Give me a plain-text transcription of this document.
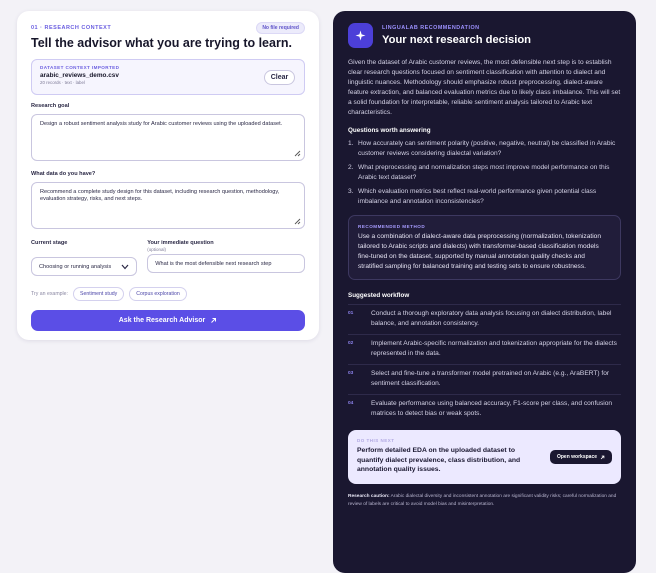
01 · RESEARCH CONTEXT	No file required
Tell the advisor what you are trying to learn.
DATASET CONTEXT IMPORTED
arabic_reviews_demo.csv
20 records · text · label
Clear
Research goal
Design a robust sentiment analysis study for Arabic customer reviews using the uploaded dataset.
What data do you have?
Recommend a complete study design for this dataset, including research question, methodology, evaluation strategy, risks, and next steps.
Current stage
Choosing or running analysis
Your immediate question
(optional)
What is the most defensible next research step
Try an example:	Sentiment study	Corpus exploration
Ask the Research Advisor
LINGUALAB RECOMMENDATION
Your next research decision
Given the dataset of Arabic customer reviews, the most defensible next step is to establish clear research questions focused on sentiment classification with attention to dialect and linguistic nuances. Methodology should emphasize robust preprocessing, dialect-aware feature extraction, and balanced evaluation metrics due to likely class imbalance. This will set a solid foundation for interpretable, reliable sentiment analysis tailored to Arabic text characteristics.
Questions worth answering
1. How accurately can sentiment polarity (positive, negative, neutral) be classified in Arabic customer reviews considering dialectal variation?
2. What preprocessing and normalization steps most improve model performance on this Arabic text dataset?
3. Which evaluation metrics best reflect real-world performance given potential class imbalance and annotation inconsistencies?
RECOMMENDED METHOD
Use a combination of dialect-aware data preprocessing (normalization, tokenization tailored to Arabic scripts and dialects) with transformer-based classification models fine-tuned on the dataset, supported by manual annotation quality checks and stratified sampling for balanced training and testing sets to ensure robustness.
Suggested workflow
01	Conduct a thorough exploratory data analysis focusing on dialect distribution, label balance, and annotation consistency.
02	Implement Arabic-specific normalization and tokenization appropriate for the dialects represented in the data.
03	Select and fine-tune a transformer model pretrained on Arabic (e.g., AraBERT) for sentiment classification.
04	Evaluate performance using balanced accuracy, F1-score per class, and confusion matrices to detect bias or weak spots.
DO THIS NEXT
Perform detailed EDA on the uploaded dataset to quantify dialect prevalence, class distribution, and annotation quality issues.
Open workspace
Research caution: Arabic dialectal diversity and inconsistent annotation are significant validity risks; careful normalization and review of labels are critical to avoid model bias and misinterpretation.
